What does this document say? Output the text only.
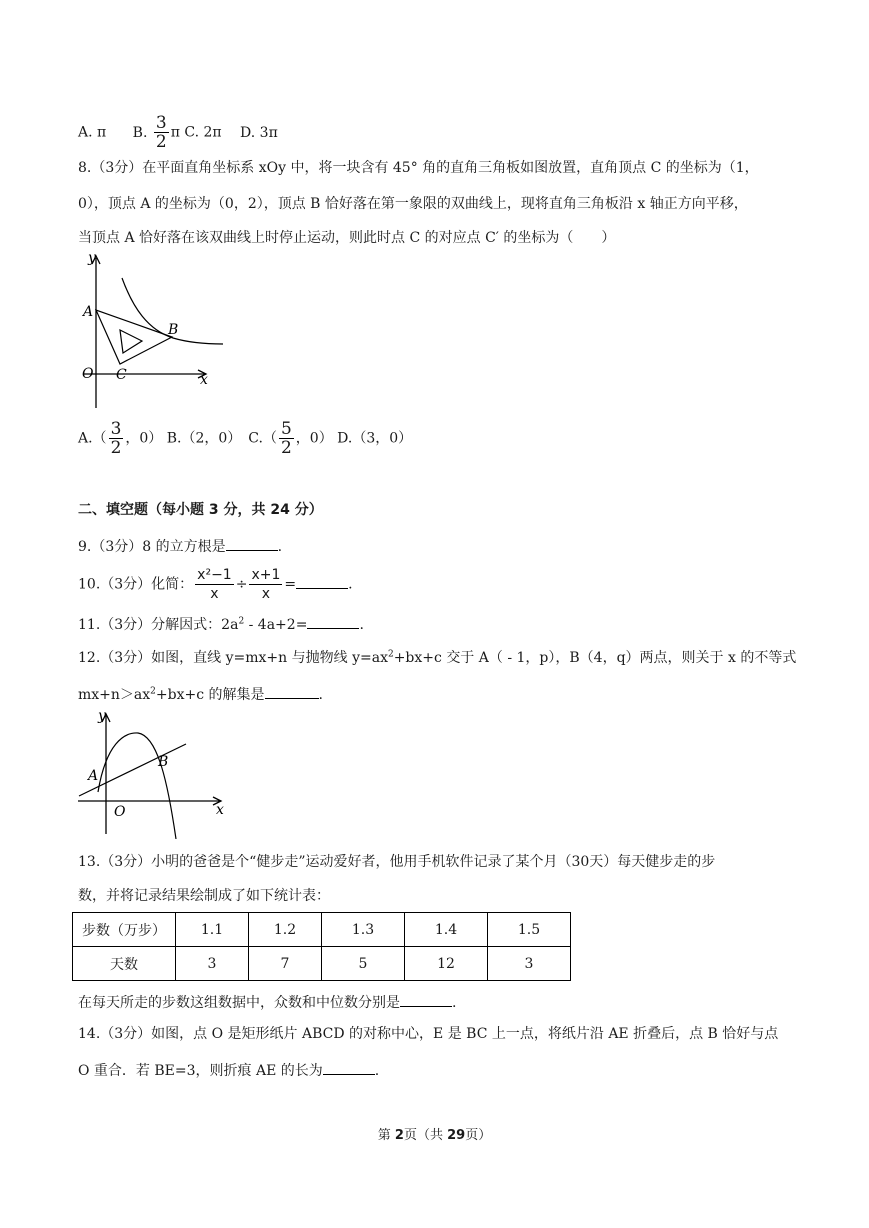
A. π B. $\frac{3}{2}$ π C. 2π D. 3π
8.（3分）在平面直角坐标系 xOy 中，将一块含有 45° 角的直角三角板如图放置，直角顶点 C 的坐标为（1，
0），顶点 A 的坐标为（0，2），顶点 B 恰好落在第一象限的双曲线上，现将直角三角板沿 x 轴正方向平移，
当顶点 A 恰好落在该双曲线上时停止运动，则此时点 C 的对应点 C′ 的坐标为（　　）
y
A
B
O C	x
$A.( \frac{3}{2}$ ，0） B.（2，0）　$C.( \frac{5}{2}$ ，0） D.（3，0）
二、填空题（每小题 3 分，共 24 分）
9.（3分）8 的立方根是	.
10.（3分）化简： $\frac{\text{x²−1}}{x} \div \frac{x+1}{x}$ =	.
11.（3分）分解因式：$2a^2 - 4a+2=$	.
12.（3分）如图，直线 y=mx+n 与抛物线 $y=ax^2+bx+c$ 交于 A（ - 1，p），B（4，q）两点，则关于 x 的不等式
$mx+n>ax^2+bx+c$ 的解集是	.
y
A
B
O	x
13.（3分）小明的爸爸是个“健步走”运动爱好者，他用手机软件记录了某个月（30天）每天健步走的步
数，并将记录结果绘制成了如下统计表：
步数（万步）	1.1	1.2	1.3	1.4	1.5
天数	3	7	5	12	3
在每天所走的步数这组数据中，众数和中位数分别是	.
14.（3分）如图，点 O 是矩形纸片 ABCD 的对称中心，E 是 BC 上一点，将纸片沿 AE 折叠后，点 B 恰好与点
O 重合．若 BE=3，则折痕 AE 的长为	.
第 2页（共 29页）
